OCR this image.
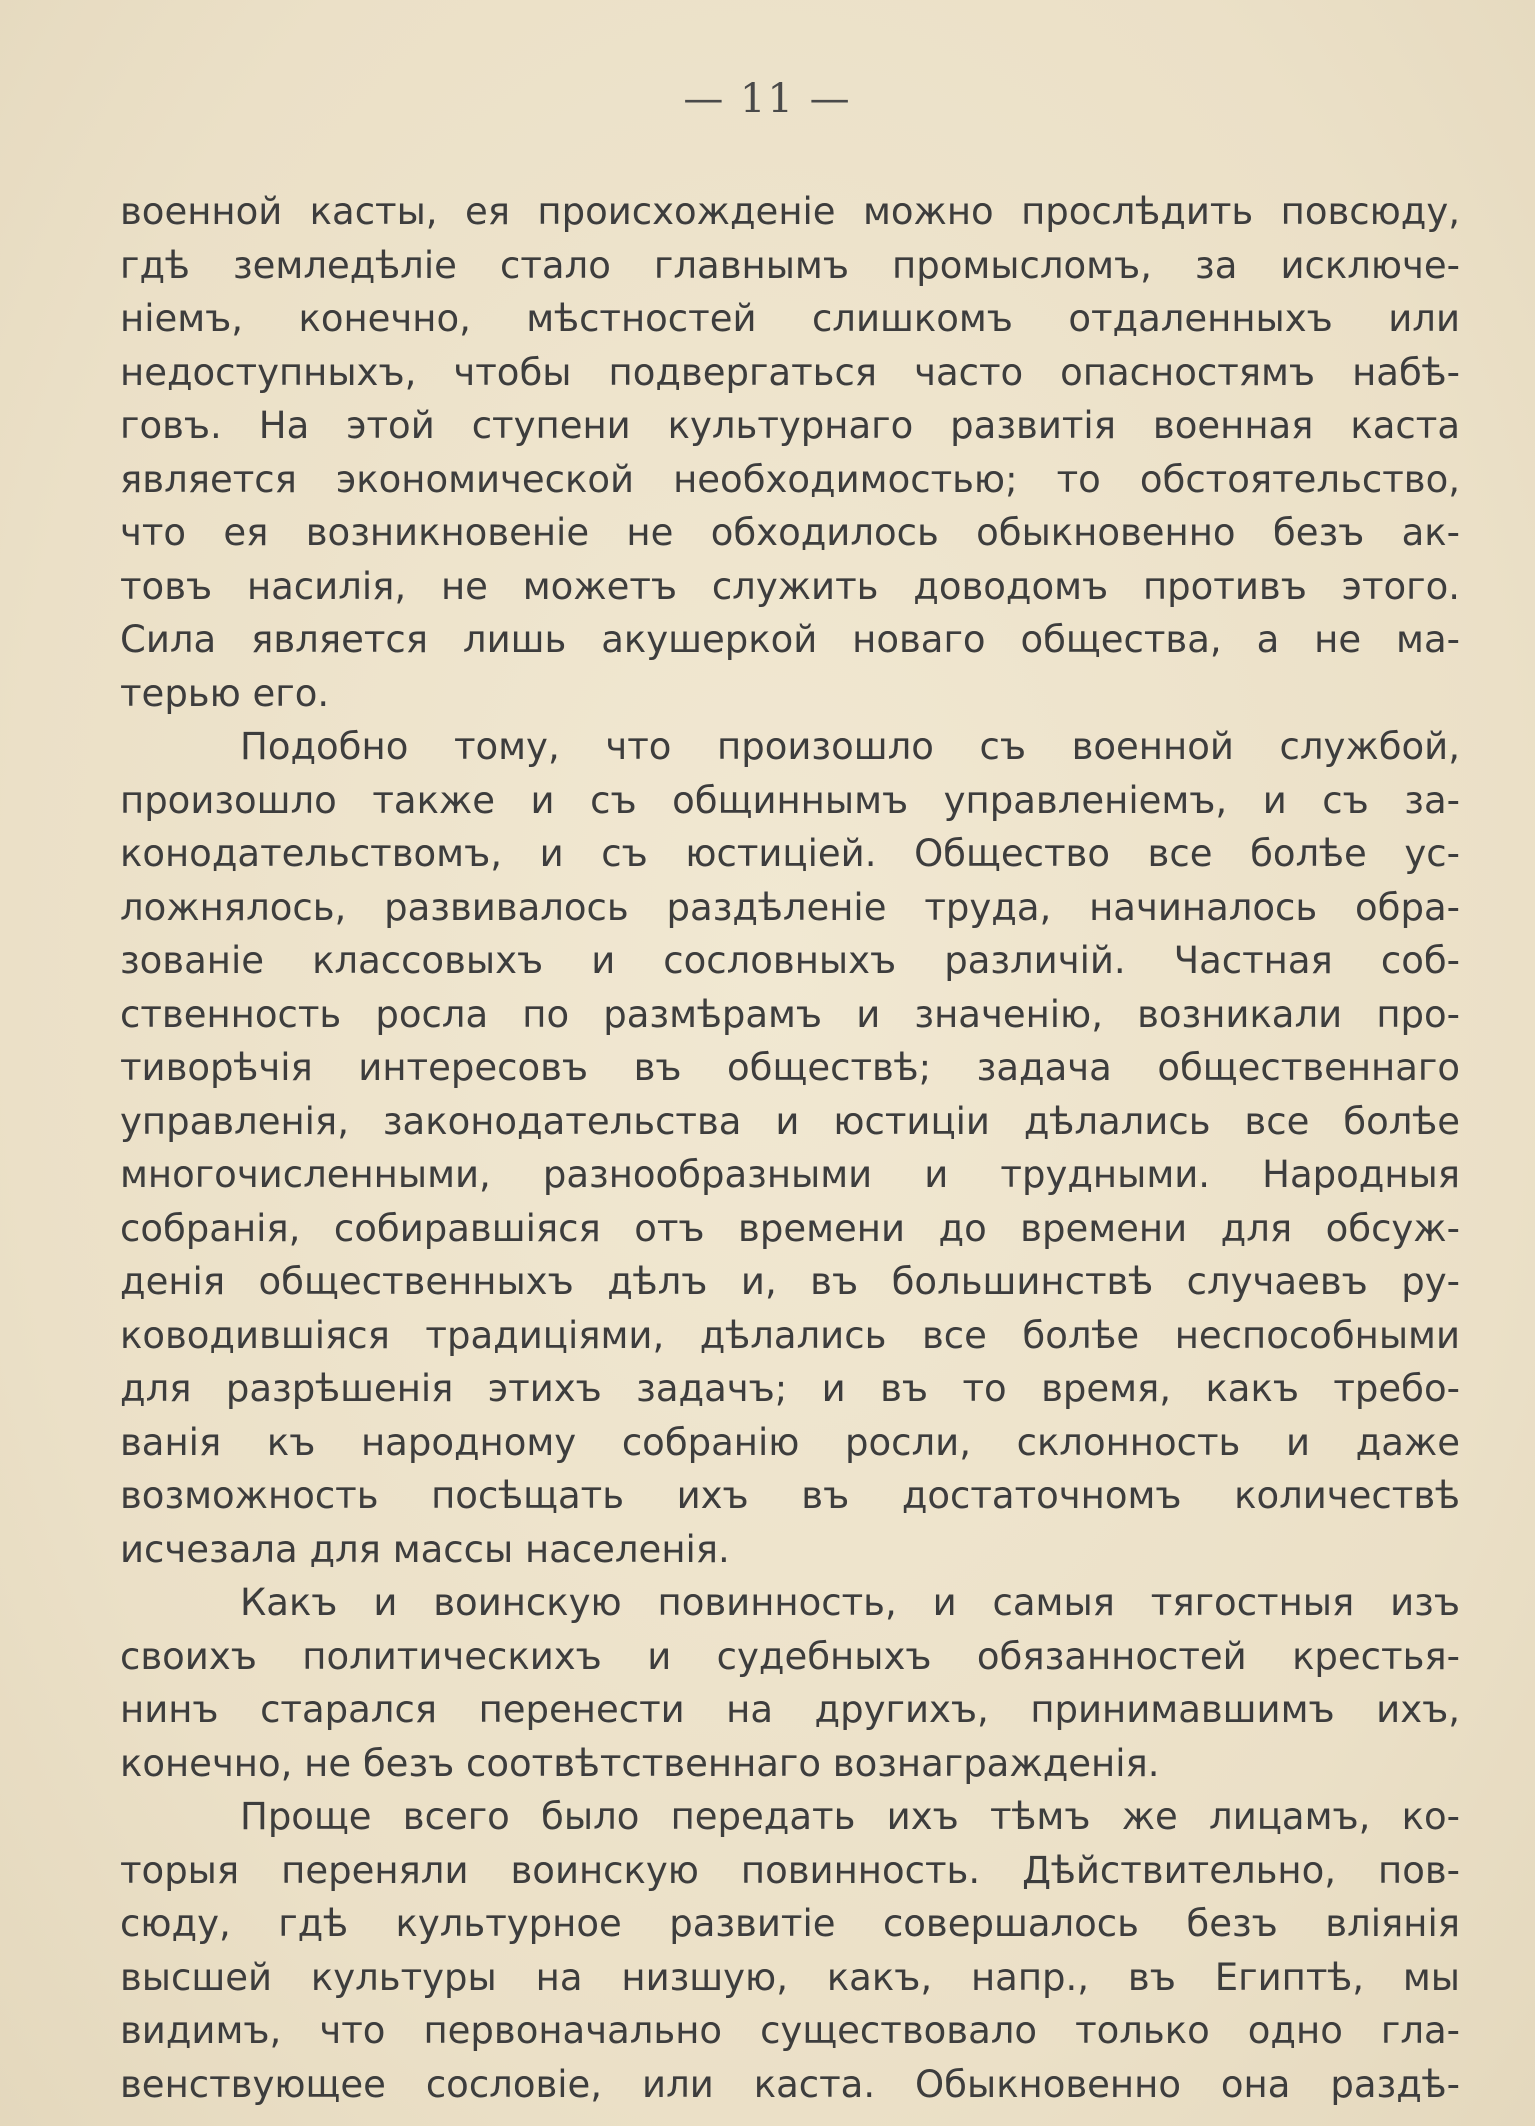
— 11 —
военной касты, ея происхожденіе можно прослѣдить повсюду,
гдѣ земледѣліе стало главнымъ промысломъ, за исключе-
ніемъ, конечно, мѣстностей слишкомъ отдаленныхъ или
недоступныхъ, чтобы подвергаться часто опасностямъ набѣ-
говъ. На этой ступени культурнаго развитія военная каста
является экономической необходимостью; то обстоятельство,
что ея возникновеніе не обходилось обыкновенно безъ ак-
товъ насилія, не можетъ служить доводомъ противъ этого.
Сила является лишь акушеркой новаго общества, а не ма-
терью его.
Подобно тому, что произошло съ военной службой,
произошло также и съ общиннымъ управленіемъ, и съ за-
конодательствомъ, и съ юстиціей. Общество все болѣе ус-
ложнялось, развивалось раздѣленіе труда, начиналось обра-
зованіе классовыхъ и сословныхъ различій. Частная соб-
ственность росла по размѣрамъ и значенію, возникали про-
тиворѣчія интересовъ въ обществѣ; задача общественнаго
управленія, законодательства и юстиціи дѣлались все болѣе
многочисленными, разнообразными и трудными. Народныя
собранія, собиравшіяся отъ времени до времени для обсуж-
денія общественныхъ дѣлъ и, въ большинствѣ случаевъ ру-
ководившіяся традиціями, дѣлались все болѣе неспособными
для разрѣшенія этихъ задачъ; и въ то время, какъ требо-
ванія къ народному собранію росли, склонность и даже
возможность посѣщать ихъ въ достаточномъ количествѣ
исчезала для массы населенія.
Какъ и воинскую повинность, и самыя тягостныя изъ
своихъ политическихъ и судебныхъ обязанностей крестья-
нинъ старался перенести на другихъ, принимавшимъ ихъ,
конечно, не безъ соотвѣтственнаго вознагражденія.
Проще всего было передать ихъ тѣмъ же лицамъ, ко-
торыя переняли воинскую повинность. Дѣйствительно, пов-
сюду, гдѣ культурное развитіе совершалось безъ вліянія
высшей культуры на низшую, какъ, напр., въ Египтѣ, мы
видимъ, что первоначально существовало только одно гла-
венствующее сословіе, или каста. Обыкновенно она раздѣ-
